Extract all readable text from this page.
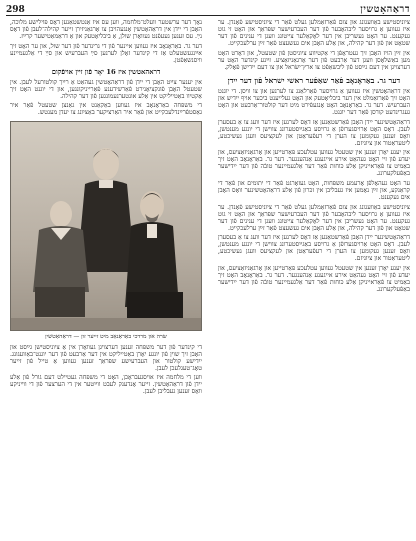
298	דראַהאָטשין

ציוניסטישע באַוועגונג און צום פֿאַרזאַמלען געלט פֿאַר די ציוניסטישע פֿאָנדן. ער איז געווען אַ גרויסער ליבהאָבער פֿון דער העברעיִשער שפּראַך און האָט זי גוט געקענט. ער האָט געשריבן אין דער לאָקאַלער צייטונג וועגן די ענינים פֿון דער שטאָט און פֿון דער קהילה, און אַלע האָבן אים געשעצט פֿאַר זײַן ערלעכקייט.

אין זײַן הויז האָבן זיך געטראָפֿן די אַקטיווע ציוניסטן פֿון שטעטל, און דאָרט האָט מען באַשלאָסן וועגן דער אַרבעט פֿון דער אָרגאַניזאַציע. זײַנע קינדער האָט ער דערצויגן אין דעם גײַסט פֿון ליבשאַפֿט צו ארץ־ישׂראל און צו דעם ייִדישן פֿאָלק.

דער גר. באַראָנאָב פֿאַר שאַפֿער ראשי ישראל פֿון דער יידן

אין דראַהאָטשין איז געווען אַ גרויסער פֿאַרלאַנג צו לערנען און צו וויסן. די יוגנט האָט זיך פֿאַרזאַמלט אין דער ביבליאָטעק און האָט געלייענט ביכער אויף ייִדיש און העברעיִש. דער גר. באַראָנאָב האָט אָנגעפֿירט מיט דער קולטור־אַרבעט און האָט געגרינדעט קורסן פֿאַר דער יוגנט.

דראַהאָטשינער יידן האָבן פֿאַרשטאַנען אַז דאָס לערנען איז דער וועג צו אַ בעסערן לעבן. דאָס האָט אַרויסגערופֿן אַ גרויסע באַגײַסטערונג צווישן די יונגע מענטשן, וואָס זענען געקומען צו הערן די רעפֿעראַטן און לעקציעס וועגן געשיכטע, ליטעראַטור און ציוניזם.

אין יענע יאָרן זענען אין שטעטל געווען עטלעכע פּאַרטייען און אָרגאַניזאַציעס, און יעדע פֿון זיי האָט געהאַט אירע אייגענע אַנהענגער. דער גר. באַראָנאָב האָט זיך באַמיט צו פֿאַראייניקן אַלע כּוחות פֿאַר דער אַלגעמיינער טובֿה פֿון דער ייִדישער באַפֿעלקערונג.

ער האָט געהאָלפֿן אָרעמע משפּחות, האָט געזאָרגט פֿאַר די יתומים און פֿאַר די קראַנקע, און זײַן נאָמען איז געבליבן אין זכּרון פֿון אַלע דראַהאָטשינער וואָס האָבן אים געקענט.

ציוניסטישע באַוועגונג און צום פֿאַרזאַמלען געלט פֿאַר די ציוניסטישע פֿאָנדן. ער איז געווען אַ גרויסער ליבהאָבער פֿון דער העברעיִשער שפּראַך און האָט זי גוט געקענט. ער האָט געשריבן אין דער לאָקאַלער צייטונג וועגן די ענינים פֿון דער שטאָט און פֿון דער קהילה, און אַלע האָבן אים געשעצט פֿאַר זײַן ערלעכקייט.

דראַהאָטשינער יידן האָבן פֿאַרשטאַנען אַז דאָס לערנען איז דער וועג צו אַ בעסערן לעבן. דאָס האָט אַרויסגערופֿן אַ גרויסע באַגײַסטערונג צווישן די יונגע מענטשן, וואָס זענען געקומען צו הערן די רעפֿעראַטן און לעקציעס וועגן געשיכטע, ליטעראַטור און ציוניזם.

אין יענע יאָרן זענען אין שטעטל געווען עטלעכע פּאַרטייען און אָרגאַניזאַציעס, און יעדע פֿון זיי האָט געהאַט אירע אייגענע אַנהענגער. דער גר. באַראָנאָב האָט זיך באַמיט צו פֿאַראייניקן אַלע כּוחות פֿאַר דער אַלגעמיינער טובֿה פֿון דער ייִדישער באַפֿעלקערונג.

נאָך דער ערשטער וועלט־מלחמה, ווען עס איז אַנטשטאַנען דאָס פּוילישע מלוכה, האָבן די יידן אין דראַהאָטשין אָנגעהויבן צו אָרגאַניזירן זייער קהילה־לעבן פֿון דאָס נײַ. עס זענען געעפֿנט געוואָרן שולן, אַ ביבליאָטעק און אַ דראַמאַטישער קרײַז.

דער גר. באַראָנאָב איז געווען איינער פֿון די גרינדער פֿון דער שול, און ער האָט זיך אײַנגעשטעלט אַז די קינדער זאָלן לערנען סײַ העברעיִש און סײַ די אַלגעמיינע וויסנשאַפֿטן.

דראהאטשין איז 16 יאָר פֿון זיין אויפֿקום

אין יענער צײַט האָבן די יידן פֿון דראַהאָטשין געהאַט אַ רײַך קולטורעל לעבן. אין שטעטל האָבן פֿונקציאָנירט פֿאַרשידענע פֿאַרייניקונגען, און די יוגנט האָט זיך אַקטיוו באַטייליקט אין אַלע אונטערנעמונגען פֿון דער קהילה.

די משפּחה באַראָנאָב איז געווען באַקאַנט אין גאַנצן שטעטל פֿאַר איר גאַסטפֿרײַנדלעכקייט און פֿאַר איר האַרציקער באַציִונג צו יעדן מענטש.

שׂרה און מרדכי באַראָנאָב מיט זייער זון — דראַהאָטשין

די קינדער פֿון דער משפּחה זענען דערצויגן געוואָרן אין אַ ציוניסטישן גײַסט און האָבן זיך שוין פֿון יונגע יאָרן באַטייליקט אין דער אַרבעט פֿון דער יוגנט־באַוועגונג. ייִדישע קולטור און העברעיִשע שפּראַך זענען געווען אַ טייל פֿון זייער טאָג־טעגלעכן לעבן.

ווען די מלחמה איז אויסגעבראָכן, האָט די משפּחה געטיילט דעם גורל פֿון אַלע יידן פֿון דראַהאָטשין. זייער אָנדענק לעבט ווײַטער אין די הערצער פֿון די ווײניקע וואָס זענען געבליבן לעבן.
